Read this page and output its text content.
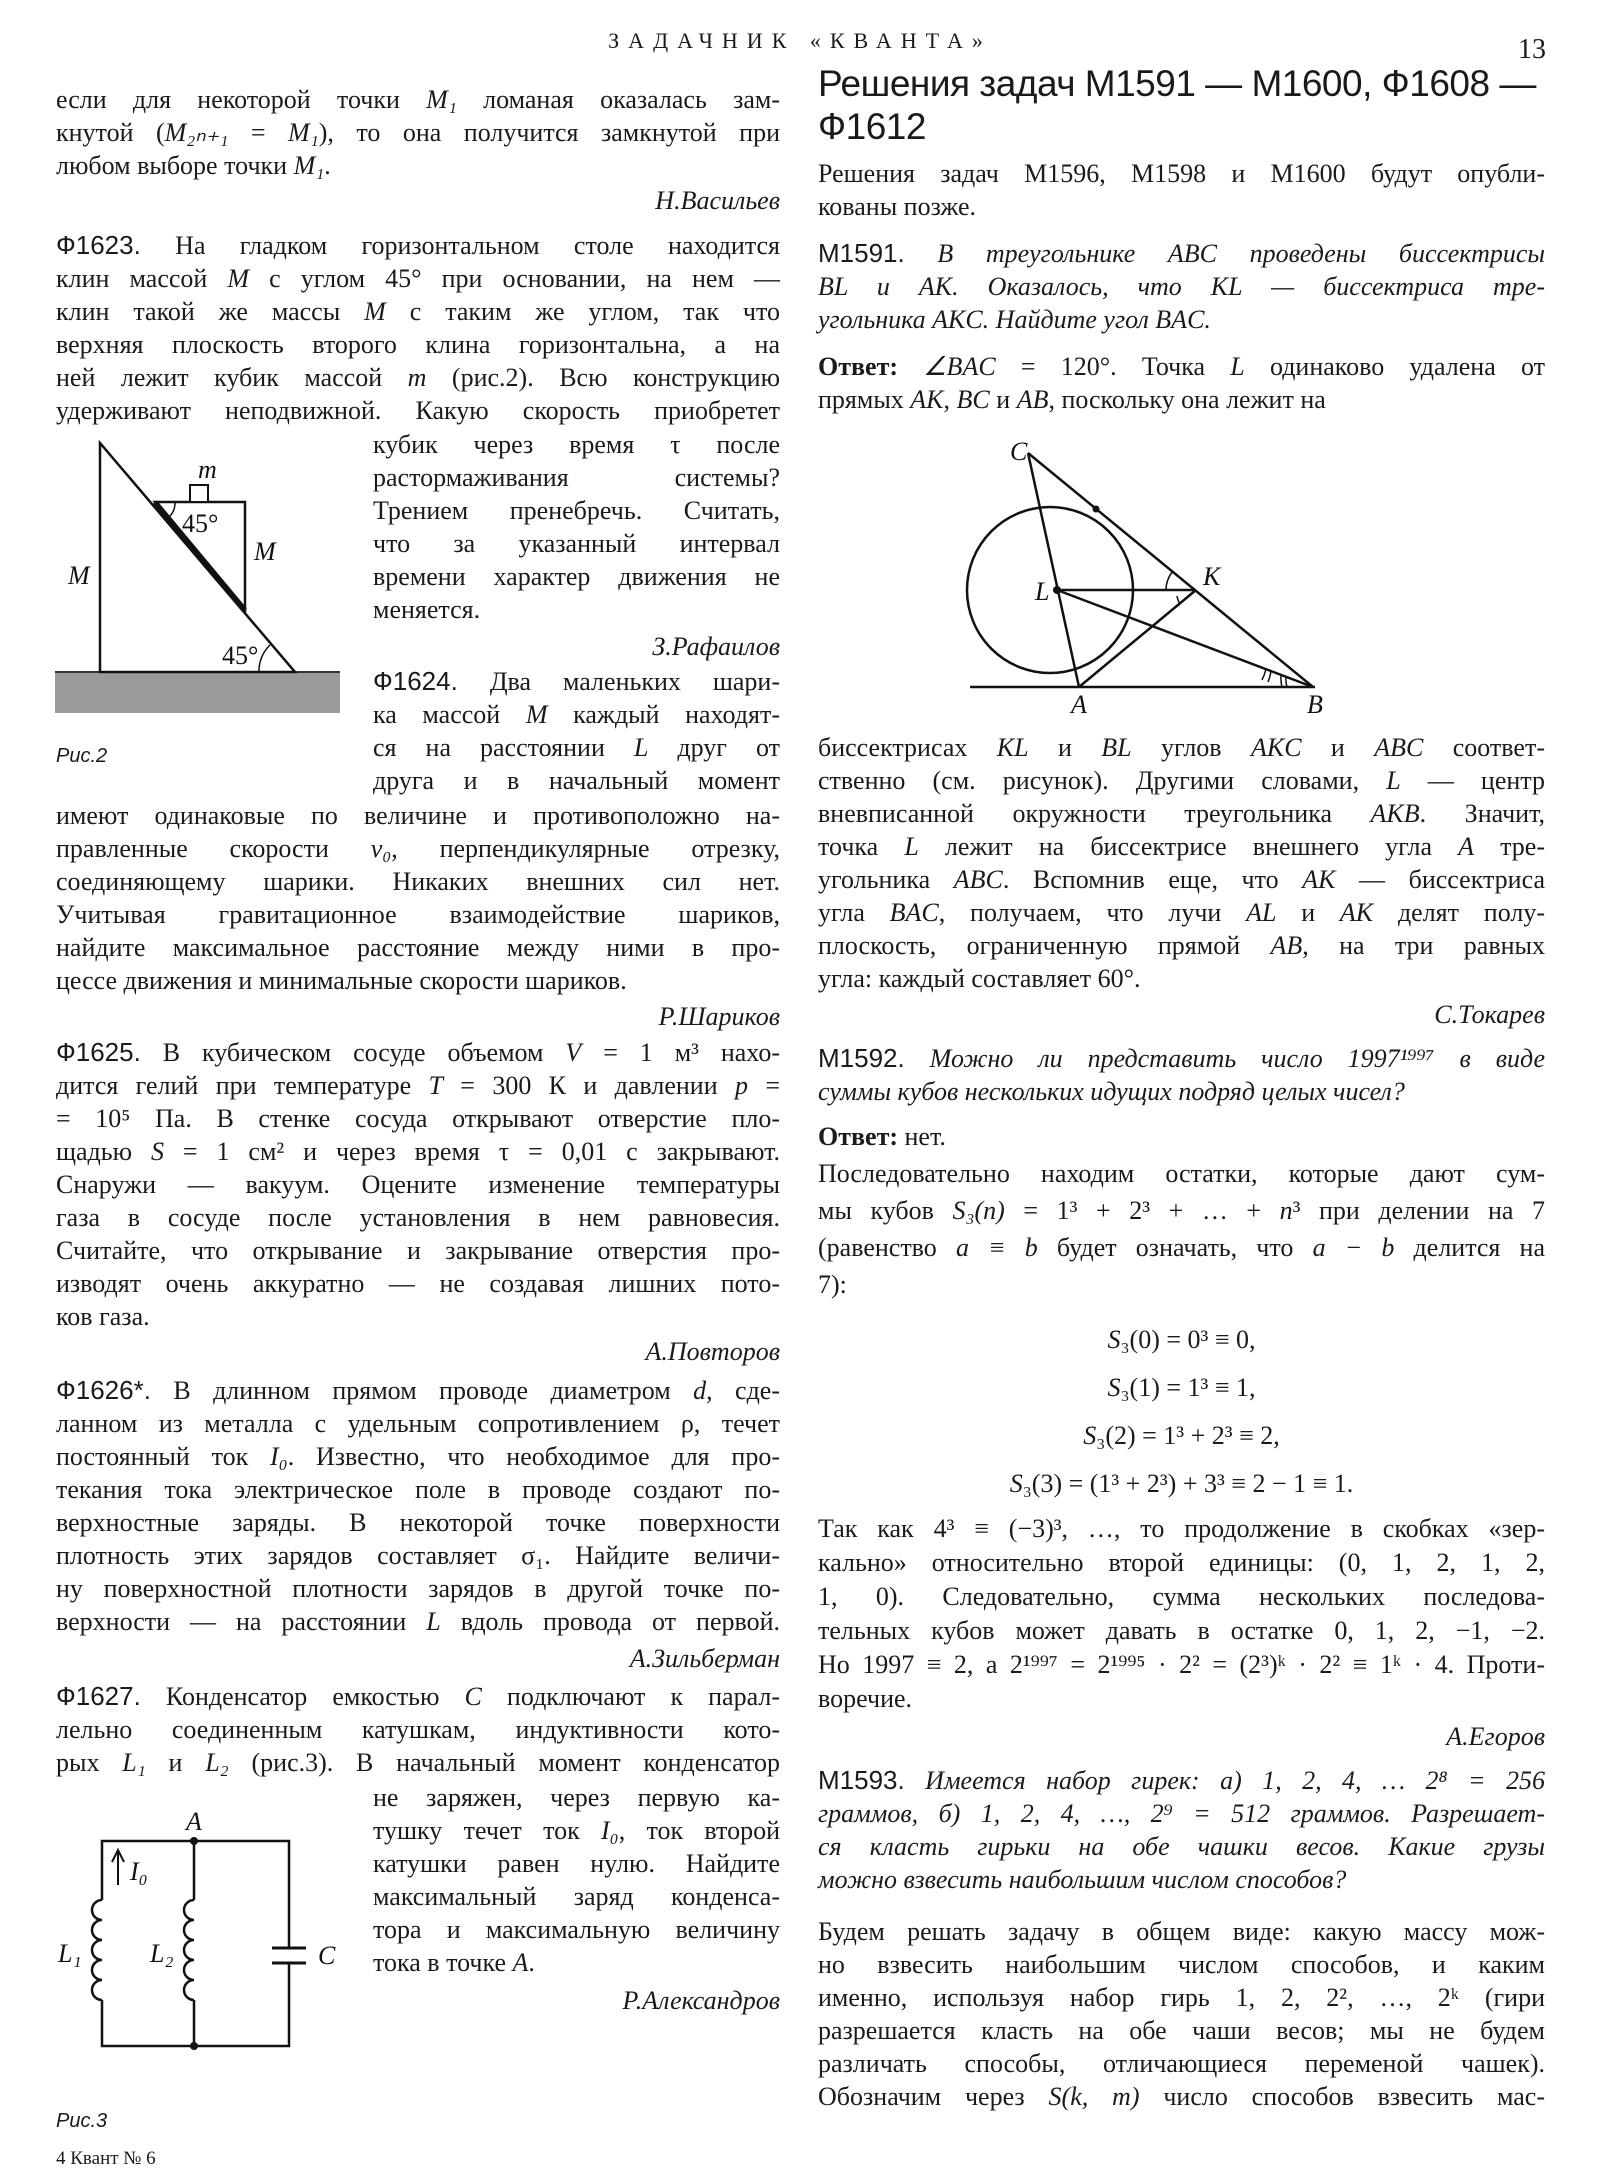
ЗАДАЧНИК «КВАНТА»	13
если для некоторой точки M₁ ломаная оказалась зам-
кнутой (M₂ₙ₊₁ = M₁), то она получится замкнутой при
любом выборе точки M₁.
Н.Васильев
Ф1623. На гладком горизонтальном столе находится
клин массой M с углом 45° при основании, на нем —
клин такой же массы M с таким же углом, так что
верхняя плоскость второго клина горизонтальна, а на
ней лежит кубик массой m (рис.2). Всю конструкцию
удерживают неподвижной. Какую скорость приобретет
кубик через время τ после
растормаживания системы?
Трением пренебречь. Считать,
что за указанный интервал
времени характер движения не
меняется.
З.Рафаилов
Ф1624. Два маленьких шари-
ка массой M каждый находят-
ся на расстоянии L друг от
друга и в начальный момент
имеют одинаковые по величине и противоположно на-
правленные скорости v₀, перпендикулярные отрезку,
соединяющему шарики. Никаких внешних сил нет.
Учитывая гравитационное взаимодействие шариков,
найдите максимальное расстояние между ними в про-
цессе движения и минимальные скорости шариков.
Р.Шариков
Ф1625. В кубическом сосуде объемом V = 1 м³ нахо-
дится гелий при температуре T = 300 К и давлении p =
= 10⁵ Па. В стенке сосуда открывают отверстие пло-
щадью S = 1 см² и через время τ = 0,01 с закрывают.
Снаружи — вакуум. Оцените изменение температуры
газа в сосуде после установления в нем равновесия.
Считайте, что открывание и закрывание отверстия про-
изводят очень аккуратно — не создавая лишних пото-
ков газа.
А.Повторов
Ф1626*. В длинном прямом проводе диаметром d, сде-
ланном из металла с удельным сопротивлением ρ, течет
постоянный ток I₀. Известно, что необходимое для про-
текания тока электрическое поле в проводе создают по-
верхностные заряды. В некоторой точке поверхности
плотность этих зарядов составляет σ₁. Найдите величи-
ну поверхностной плотности зарядов в другой точке по-
верхности — на расстоянии L вдоль провода от первой.
А.Зильберман
Ф1627. Конденсатор емкостью C подключают к парал-
лельно соединенным катушкам, индуктивности кото-
рых L₁ и L₂ (рис.3). В начальный момент конденсатор
не заряжен, через первую ка-
тушку течет ток I₀, ток второй
катушки равен нулю. Найдите
максимальный заряд конденса-
тора и максимальную величину
тока в точке A.
Р.Александров
m
45°
M
M
45°
Рис.2
A
I₀
L₁	L₂	C
Рис.3
Решения задач М1591 — М1600, Ф1608 — Ф1612
Решения задач М1596, М1598 и М1600 будут опубли-
кованы позже.
М1591. В треугольнике ABC проведены биссектрисы
BL и AK. Оказалось, что KL — биссектриса тре-
угольника AKC. Найдите угол BAC.
Ответ: ∠BAC = 120°. Точка L одинаково удалена от
прямых AK, BC и AB, поскольку она лежит на
C
K
L
A	B
биссектрисах KL и BL углов AKC и ABC соответ-
ственно (см. рисунок). Другими словами, L — центр
вневписанной окружности треугольника AKB. Значит,
точка L лежит на биссектрисе внешнего угла A тре-
угольника ABC. Вспомнив еще, что AK — биссектриса
угла BAC, получаем, что лучи AL и AK делят полу-
плоскость, ограниченную прямой AB, на три равных
угла: каждый составляет 60°.
С.Токарев
М1592. Можно ли представить число 1997¹⁹⁹⁷ в виде
суммы кубов нескольких идущих подряд целых чисел?
Ответ: нет.
Последовательно находим остатки, которые дают сум-
мы кубов S₃(n) = 1³ + 2³ + … + n³ при делении на 7
(равенство a ≡ b будет означать, что a − b делится на
7):
S₃(0) = 0³ ≡ 0,
S₃(1) = 1³ ≡ 1,
S₃(2) = 1³ + 2³ ≡ 2,
S₃(3) = (1³ + 2³) + 3³ ≡ 2 − 1 ≡ 1.
Так как 4³ ≡ (−3)³, …, то продолжение в скобках «зер-
кально» относительно второй единицы: (0, 1, 2, 1, 2,
1, 0). Следовательно, сумма нескольких последова-
тельных кубов может давать в остатке 0, 1, 2, −1, −2.
Но 1997 ≡ 2, а 2¹⁹⁹⁷ = 2¹⁹⁹⁵ · 2² = (2³)ᵏ · 2² ≡ 1ᵏ · 4. Проти-
воречие.
А.Егоров
М1593. Имеется набор гирек: а) 1, 2, 4, … 2⁸ = 256
граммов, б) 1, 2, 4, …, 2⁹ = 512 граммов. Разрешает-
ся класть гирьки на обе чашки весов. Какие грузы
можно взвесить наибольшим числом способов?
Будем решать задачу в общем виде: какую массу мож-
но взвесить наибольшим числом способов, и каким
именно, используя набор гирь 1, 2, 2², …, 2ᵏ (гири
разрешается класть на обе чаши весов; мы не будем
различать способы, отличающиеся переменой чашек).
Обозначим через S(k, m) число способов взвесить мас-
4 Квант № 6
